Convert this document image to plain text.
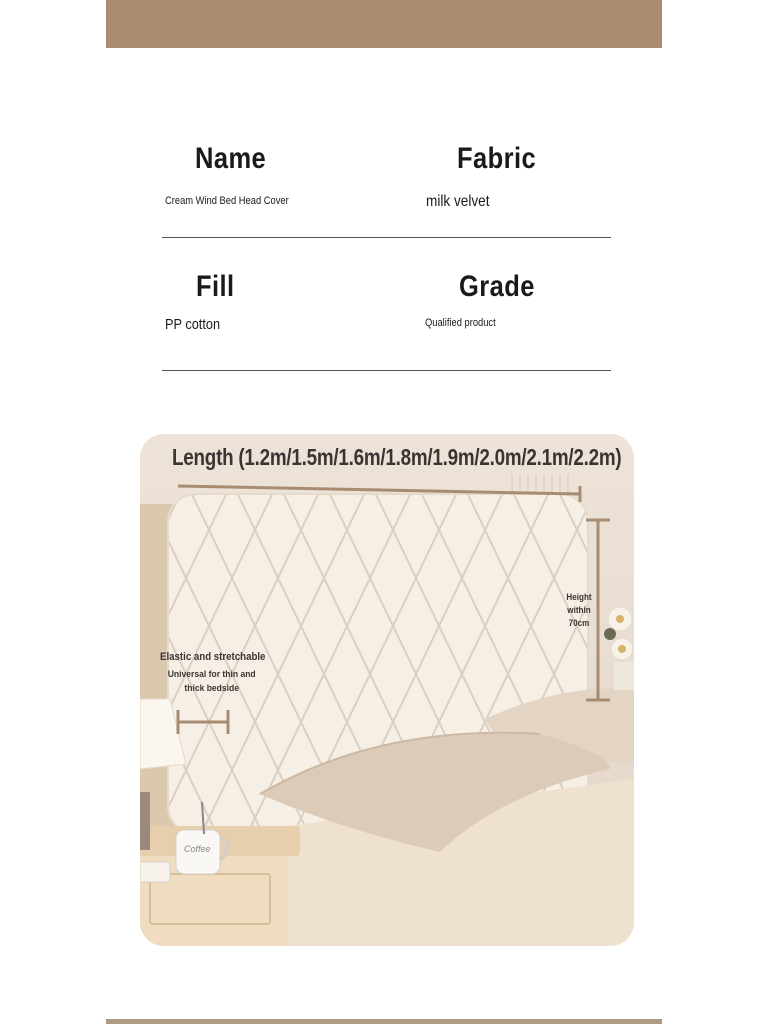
Name
Cream Wind Bed Head Cover
Fabric
milk velvet
Fill
PP cotton
Grade
Qualified product
Length (1.2m/1.5m/1.6m/1.8m/1.9m/2.0m/2.1m/2.2m)
Height within 70cm
Elastic and stretchable
Universal for thin and thick bedside
Coffee
